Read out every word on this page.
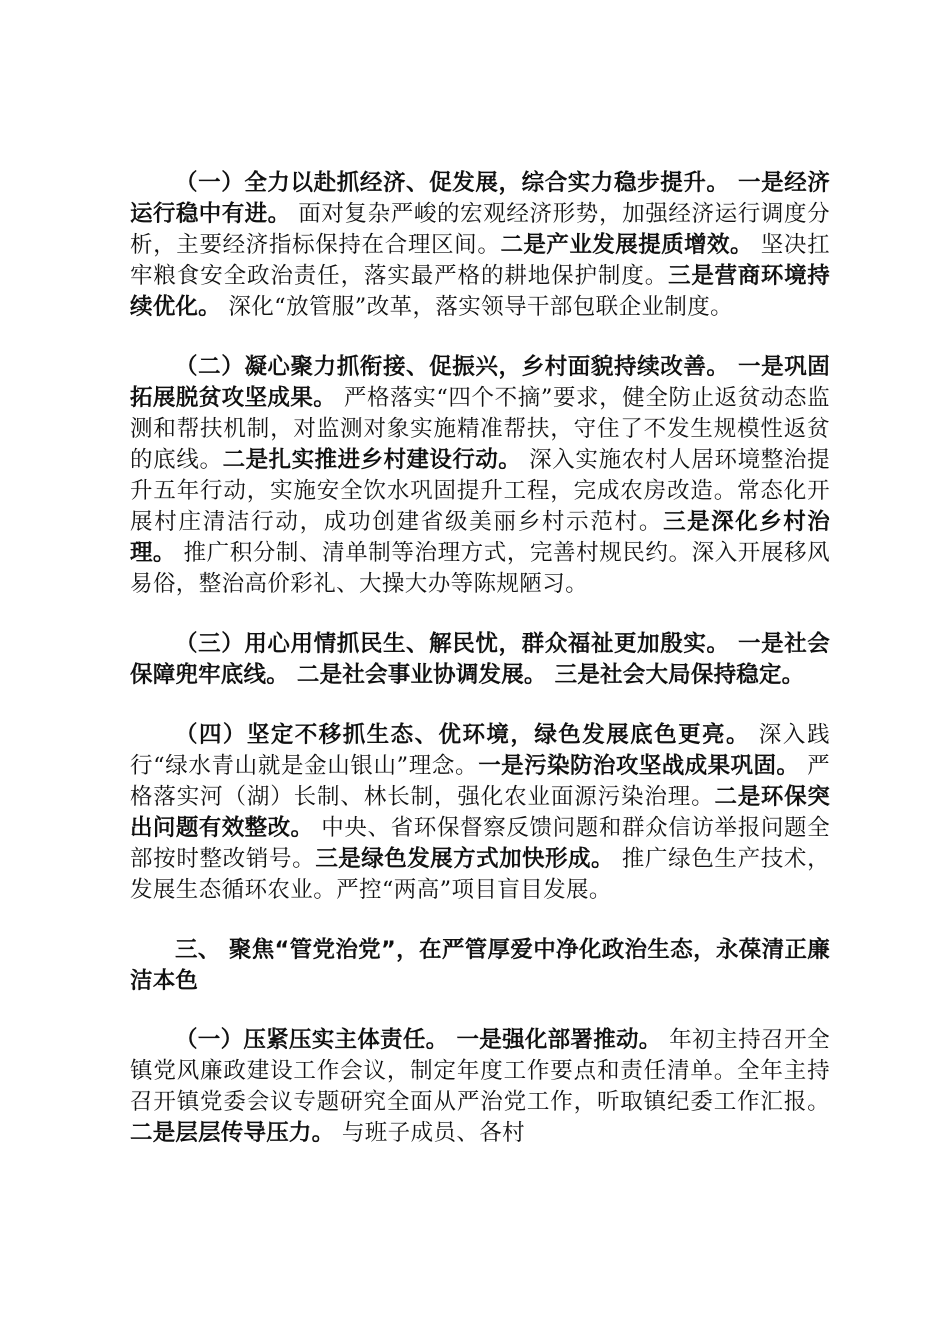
（一）全力以赴抓经济、促发展，综合实力稳步提升。 一是经济运行稳中有进。 面对复杂严峻的宏观经济形势，加强经济运行调度分析，主要经济指标保持在合理区间。二是产业发展提质增效。 坚决扛牢粮食安全政治责任，落实最严格的耕地保护制度。三是营商环境持续优化。 深化“放管服”改革，落实领导干部包联企业制度。

（二）凝心聚力抓衔接、促振兴，乡村面貌持续改善。 一是巩固拓展脱贫攻坚成果。 严格落实“四个不摘”要求，健全防止返贫动态监测和帮扶机制，对监测对象实施精准帮扶，守住了不发生规模性返贫的底线。二是扎实推进乡村建设行动。 深入实施农村人居环境整治提升五年行动，实施安全饮水巩固提升工程，完成农房改造。常态化开展村庄清洁行动，成功创建省级美丽乡村示范村。三是深化乡村治理。 推广积分制、清单制等治理方式，完善村规民约。深入开展移风易俗，整治高价彩礼、大操大办等陈规陋习。

（三）用心用情抓民生、解民忧，群众福祉更加殷实。 一是社会保障兜牢底线。 二是社会事业协调发展。 三是社会大局保持稳定。

（四）坚定不移抓生态、优环境，绿色发展底色更亮。 深入践行“绿水青山就是金山银山”理念。一是污染防治攻坚战成果巩固。 严格落实河（湖）长制、林长制，强化农业面源污染治理。二是环保突出问题有效整改。 中央、省环保督察反馈问题和群众信访举报问题全部按时整改销号。三是绿色发展方式加快形成。 推广绿色生产技术，发展生态循环农业。严控“两高”项目盲目发展。

三、 聚焦“管党治党”，在严管厚爱中净化政治生态，永葆清正廉洁本色

（一）压紧压实主体责任。 一是强化部署推动。 年初主持召开全镇党风廉政建设工作会议，制定年度工作要点和责任清单。全年主持召开镇党委会议专题研究全面从严治党工作，听取镇纪委工作汇报。二是层层传导压力。 与班子成员、各村
